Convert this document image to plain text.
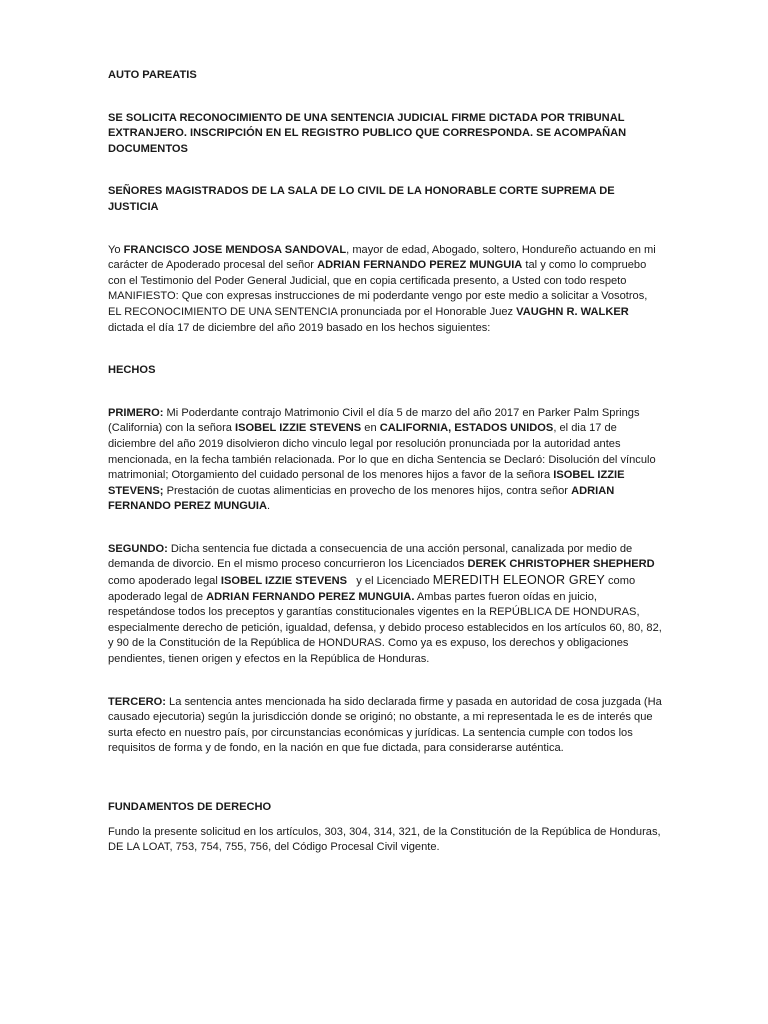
AUTO PAREATIS

SE SOLICITA RECONOCIMIENTO DE UNA SENTENCIA JUDICIAL FIRME DICTADA POR TRIBUNAL EXTRANJERO. INSCRIPCIÓN EN EL REGISTRO PUBLICO QUE CORRESPONDA. SE ACOMPAÑAN DOCUMENTOS

SEÑORES MAGISTRADOS DE LA SALA DE LO CIVIL DE LA HONORABLE CORTE SUPREMA DE JUSTICIA

Yo FRANCISCO JOSE MENDOSA SANDOVAL, mayor de edad, Abogado, soltero, Hondureño actuando en mi carácter de Apoderado procesal del señor ADRIAN FERNANDO PEREZ MUNGUIA tal y como lo compruebo con el Testimonio del Poder General Judicial, que en copia certificada presento, a Usted con todo respeto MANIFIESTO: Que con expresas instrucciones de mi poderdante vengo por este medio a solicitar a Vosotros, EL RECONOCIMIENTO DE UNA SENTENCIA pronunciada por el Honorable Juez VAUGHN R. WALKER dictada el día 17 de diciembre del año 2019 basado en los hechos siguientes:

HECHOS

PRIMERO: Mi Poderdante contrajo Matrimonio Civil el día 5 de marzo del año 2017 en Parker Palm Springs (California) con la señora ISOBEL IZZIE STEVENS en CALIFORNIA, ESTADOS UNIDOS, el dia 17 de diciembre del año 2019 disolvieron dicho vinculo legal por resolución pronunciada por la autoridad antes mencionada, en la fecha también relacionada. Por lo que en dicha Sentencia se Declaró: Disolución del vínculo matrimonial; Otorgamiento del cuidado personal de los menores hijos a favor de la señora ISOBEL IZZIE STEVENS; Prestación de cuotas alimenticias en provecho de los menores hijos, contra señor ADRIAN FERNANDO PEREZ MUNGUIA.

SEGUNDO: Dicha sentencia fue dictada a consecuencia de una acción personal, canalizada por medio de demanda de divorcio. En el mismo proceso concurrieron los Licenciados DEREK CHRISTOPHER SHEPHERD como apoderado legal ISOBEL IZZIE STEVENS   y el Licenciado MEREDITH ELEONOR GREY como apoderado legal de ADRIAN FERNANDO PEREZ MUNGUIA. Ambas partes fueron oídas en juicio, respetándose todos los preceptos y garantías constitucionales vigentes en la REPÚBLICA DE HONDURAS, especialmente derecho de petición, igualdad, defensa, y debido proceso establecidos en los artículos 60, 80, 82, y 90 de la Constitución de la República de HONDURAS. Como ya es expuso, los derechos y obligaciones pendientes, tienen origen y efectos en la República de Honduras.

TERCERO: La sentencia antes mencionada ha sido declarada firme y pasada en autoridad de cosa juzgada (Ha causado ejecutoria) según la jurisdicción donde se originó; no obstante, a mi representada le es de interés que surta efecto en nuestro país, por circunstancias económicas y jurídicas. La sentencia cumple con todos los requisitos de forma y de fondo, en la nación en que fue dictada, para considerarse auténtica.

FUNDAMENTOS DE DERECHO

Fundo la presente solicitud en los artículos, 303, 304, 314, 321, de la Constitución de la República de Honduras, DE LA LOAT, 753, 754, 755, 756, del Código Procesal Civil vigente.
